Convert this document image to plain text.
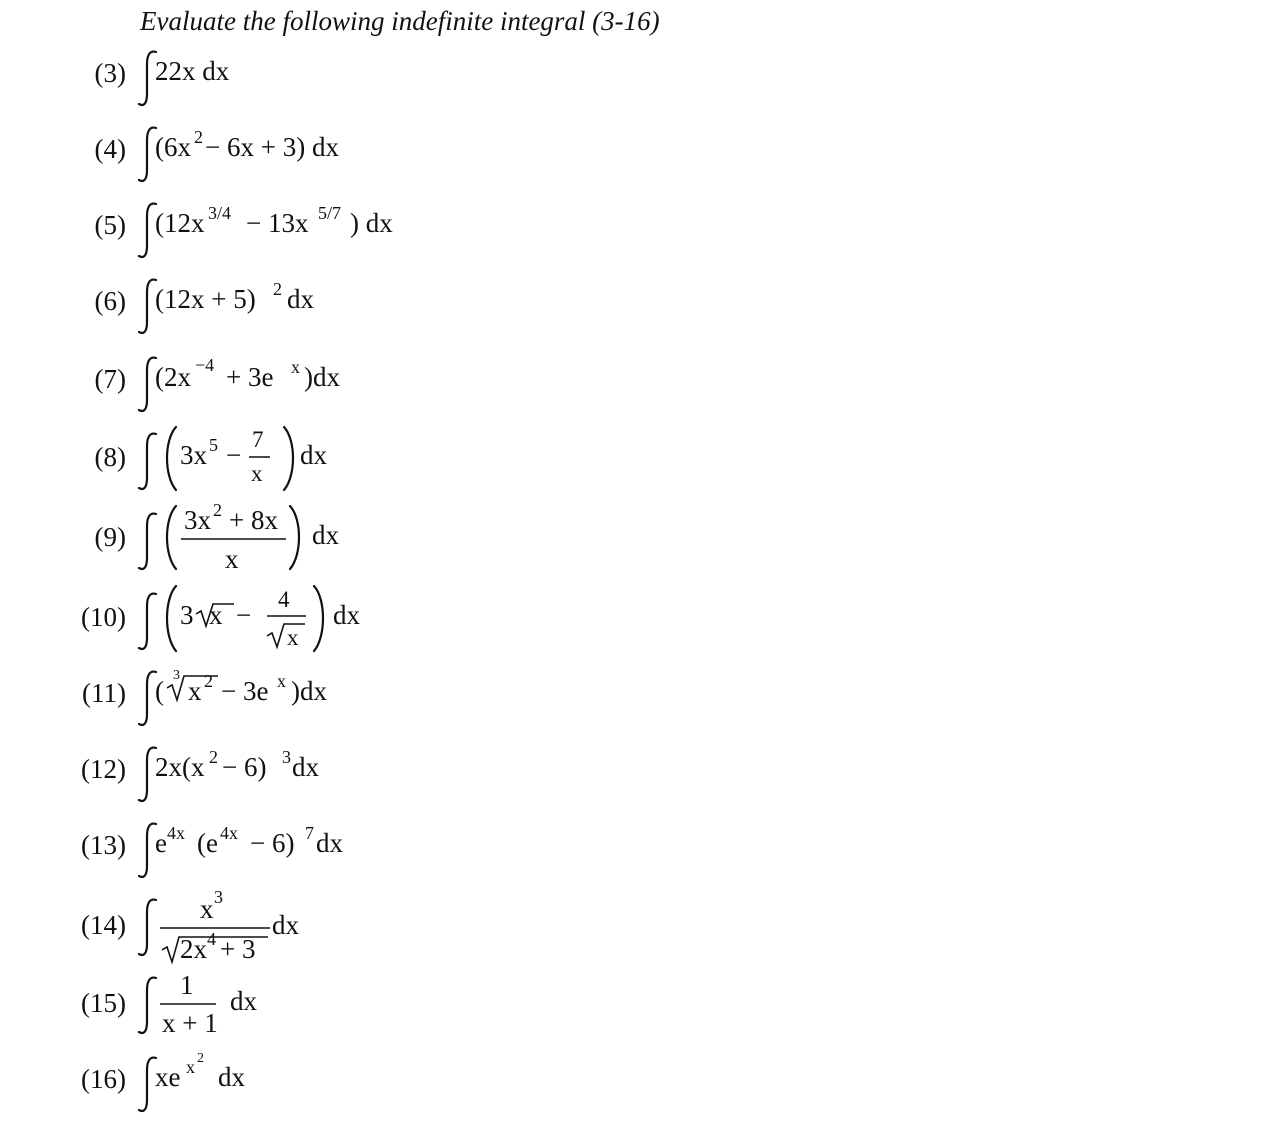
Evaluate the following indefinite integral (3-16)
(3)
(4)
(5)
(6)
(7)
(8)
(9)
(10)
(11)
(12)
(13)
(14)
(15)
(16)
22x dx
(6x 2 − 6x + 3) dx
(12x 3/4 − 13x 5/7 ) dx
(12x + 5) 2 dx
(2x −4 + 3e x )dx
3x 5 −
7
x
dx
3x 2 + 8x
x
dx
3 x −
4
x
dx
(
3
x 2 − 3e x )dx
2x(x 2 − 6) 3 dx
e 4x (e 4x − 6) 7 dx
x 3
2x 4 + 3
dx
1
x + 1
dx
xe x 2
dx
